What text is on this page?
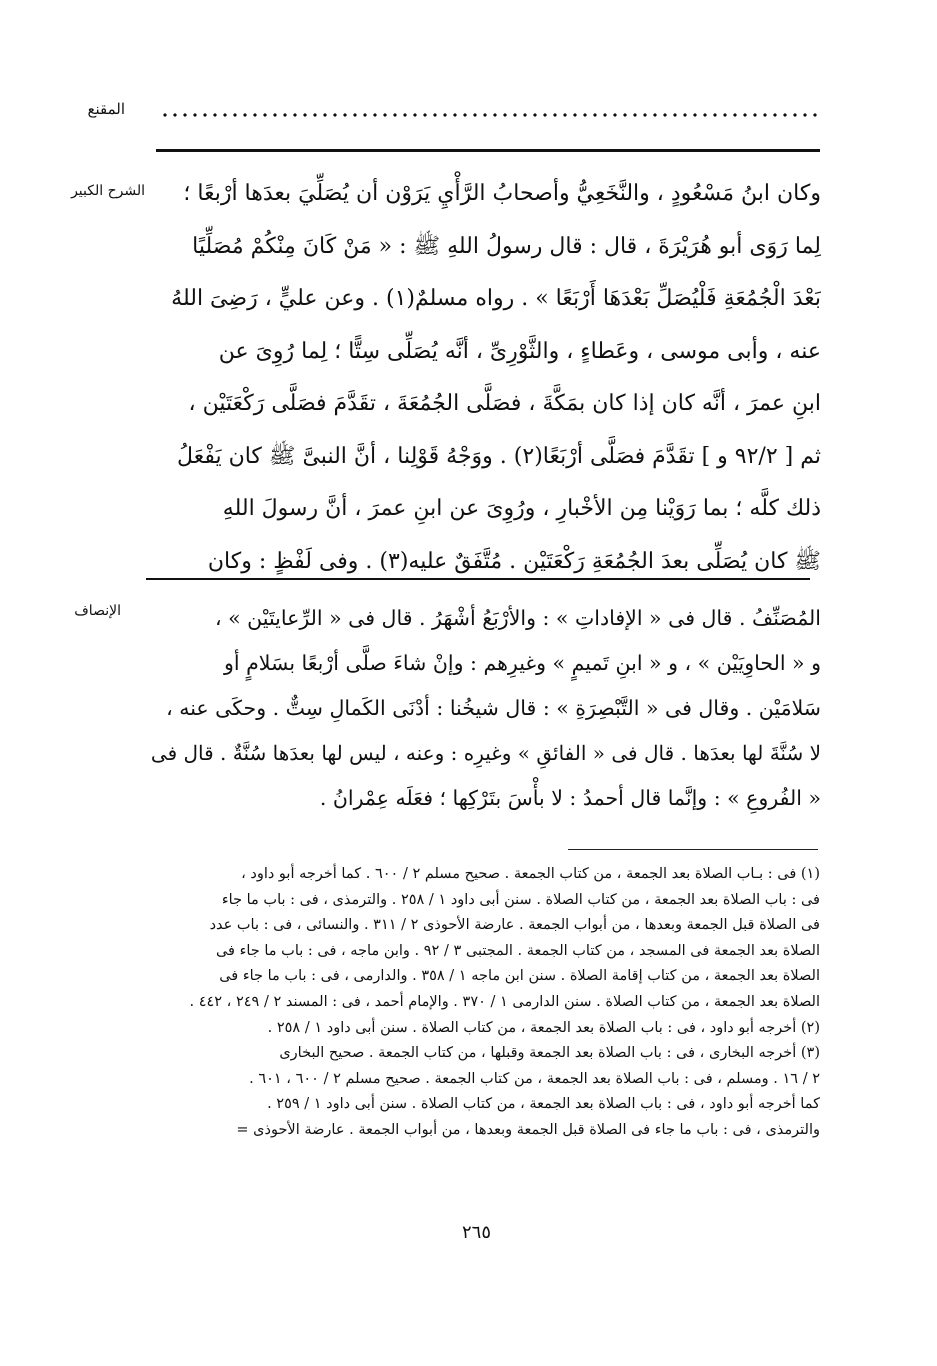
المقنع
الشرح الكبير	وكان ابنُ مَسْعُودٍ ، والنَّخَعِيُّ وأصحابُ الرَّأْيِ يَرَوْن أن يُصَلِّيَ بعدَها أرْبعًا ؛
لِما رَوَى أبو هُرَيْرَةَ ، قال : قال رسولُ اللهِ ﷺ : « مَنْ كَانَ مِنْكُمْ مُصَلِّيًا
بَعْدَ الْجُمُعَةِ فَلْيُصَلِّ بَعْدَهَا أَرْبَعًا » . رواه مسلمٌ(١) . وعن عليٍّ ، رَضِىَ اللهُ
عنه ، وأبى موسى ، وعَطاءٍ ، والثَّوْرِىِّ ، أنَّه يُصَلِّى سِتًّا ؛ لِما رُوِىَ عن
ابنِ عمرَ ، أنَّه كان إذا كان بمَكَّةَ ، فصَلَّى الجُمُعَةَ ، تقَدَّمَ فصَلَّى رَكْعَتَيْن ،
ثم [ ٩٢/٢ و ] تقَدَّمَ فصَلَّى أرْبَعًا(٢) . ووَجْهُ قَوْلِنا ، أنَّ النبىَّ ﷺ كان يَفْعَلُ
ذلك كلَّه ؛ بما رَوَيْنا مِن الأخْبارِ ، ورُوِىَ عن ابنِ عمرَ ، أنَّ رسولَ اللهِ
ﷺ كان يُصَلِّى بعدَ الجُمُعَةِ رَكْعَتَيْن . مُتَّفَقٌ عليه(٣) . وفى لَفْظٍ : وكان
الإنصاف	المُصَنِّفُ . قال فى « الإفاداتِ » : والأرْبَعُ أشْهَرُ . قال فى « الرِّعايتَيْن » ،
و « الحاوِيَيْن » ، و « ابنِ تَميمٍ » وغيرِهم : وإنْ شاءَ صلَّى أرْبعًا بسَلامٍ أو
سَلامَيْن . وقال فى « التَّبْصِرَةِ » : قال شيخُنا : أدْنَى الكَمالِ سِتٌّ . وحكَى عنه ،
لا سُنَّةَ لها بعدَها . قال فى « الفائقِ » وغيرِه : وعنه ، ليس لها بعدَها سُنَّةٌ . قال فى
« الفُروعِ » : وإنَّما قال أحمدُ : لا بأْسَ بتَرْكِها ؛ فعَلَه عِمْرانُ .
(١) فى : بـاب الصلاة بعد الجمعة ، من كتاب الجمعة . صحيح مسلم ٢ / ٦٠٠ . كما أخرجه أبو داود ،
فى : باب الصلاة بعد الجمعة ، من كتاب الصلاة . سنن أبى داود ١ / ٢٥٨ . والترمذى ، فى : باب ما جاء
فى الصلاة قبل الجمعة وبعدها ، من أبواب الجمعة . عارضة الأحوذى ٢ / ٣١١ . والنسائى ، فى : باب عدد
الصلاة بعد الجمعة فى المسجد ، من كتاب الجمعة . المجتبى ٣ / ٩٢ . وابن ماجه ، فى : باب ما جاء فى
الصلاة بعد الجمعة ، من كتاب إقامة الصلاة . سنن ابن ماجه ١ / ٣٥٨ . والدارمى ، فى : باب ما جاء فى
الصلاة بعد الجمعة ، من كتاب الصلاة . سنن الدارمى ١ / ٣٧٠ . والإمام أحمد ، فى : المسند ٢ / ٢٤٩ ، ٤٤٢ .
(٢) أخرجه أبو داود ، فى : باب الصلاة بعد الجمعة ، من كتاب الصلاة . سنن أبى داود ١ / ٢٥٨ .
(٣) أخرجه البخارى ، فى : باب الصلاة بعد الجمعة وقبلها ، من كتاب الجمعة . صحيح البخارى
٢ / ١٦ . ومسلم ، فى : باب الصلاة بعد الجمعة ، من كتاب الجمعة . صحيح مسلم ٢ / ٦٠٠ ، ٦٠١ .
كما أخرجه أبو داود ، فى : باب الصلاة بعد الجمعة ، من كتاب الصلاة . سنن أبى داود ١ / ٢٥٩ .
والترمذى ، فى : باب ما جاء فى الصلاة قبل الجمعة وبعدها ، من أبواب الجمعة . عارضة الأحوذى =
٢٦٥
